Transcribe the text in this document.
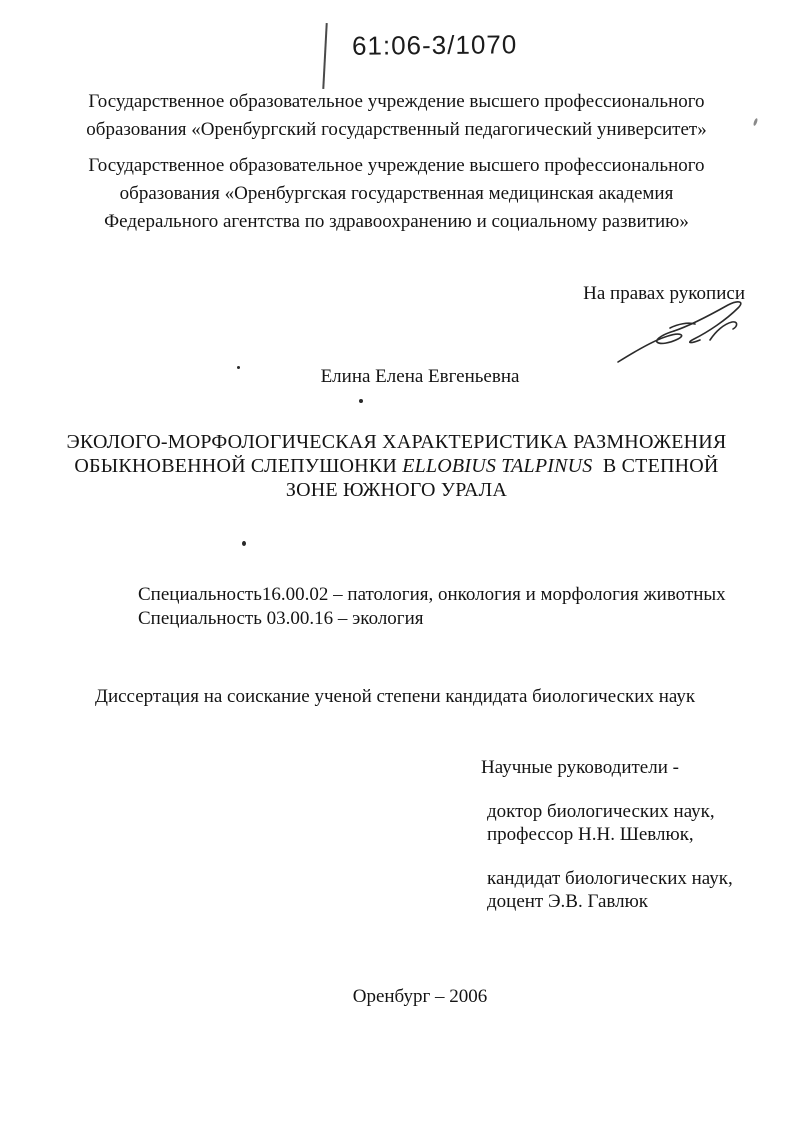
61:06-3/1070
Государственное образовательное учреждение высшего профессионального образования «Оренбургский государственный педагогический университет»
Государственное образовательное учреждение высшего профессионального образования «Оренбургская государственная медицинская академия Федерального агентства по здравоохранению и социальному развитию»
На правах рукописи
Елина Елена Евгеньевна
ЭКОЛОГО-МОРФОЛОГИЧЕСКАЯ ХАРАКТЕРИСТИКА РАЗМНОЖЕНИЯ ОБЫКНОВЕННОЙ СЛЕПУШОНКИ ELLOBIUS TALPINUS  В СТЕПНОЙ ЗОНЕ ЮЖНОГО УРАЛА
Специальность16.00.02 – патология, онкология и морфология животных
Специальность 03.00.16 – экология
Диссертация на соискание ученой степени кандидата биологических наук
Научные руководители -
доктор биологических наук,
профессор Н.Н. Шевлюк,
кандидат биологических наук,
доцент Э.В. Гавлюк
Оренбург – 2006
